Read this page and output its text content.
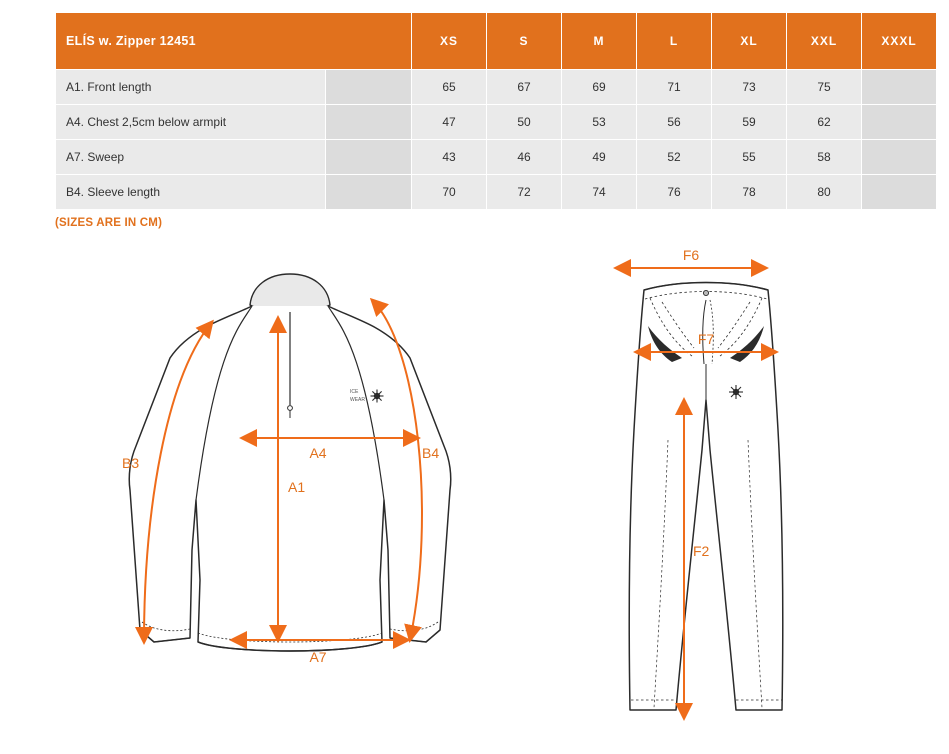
ELÍS w. Zipper 12451		XS	S	M	L	XL	XXL	XXXL
A1. Front length		65	67	69	71	73	75	
A4. Chest 2,5cm below armpit		47	50	53	56	59	62	
A7. Sweep		43	46	49	52	55	58	
B4. Sleeve length		70	72	74	76	78	80	
(SIZES ARE IN CM)
ICE
WEAR
B3
B4
A4
A1
A7
F6
F7
F2
